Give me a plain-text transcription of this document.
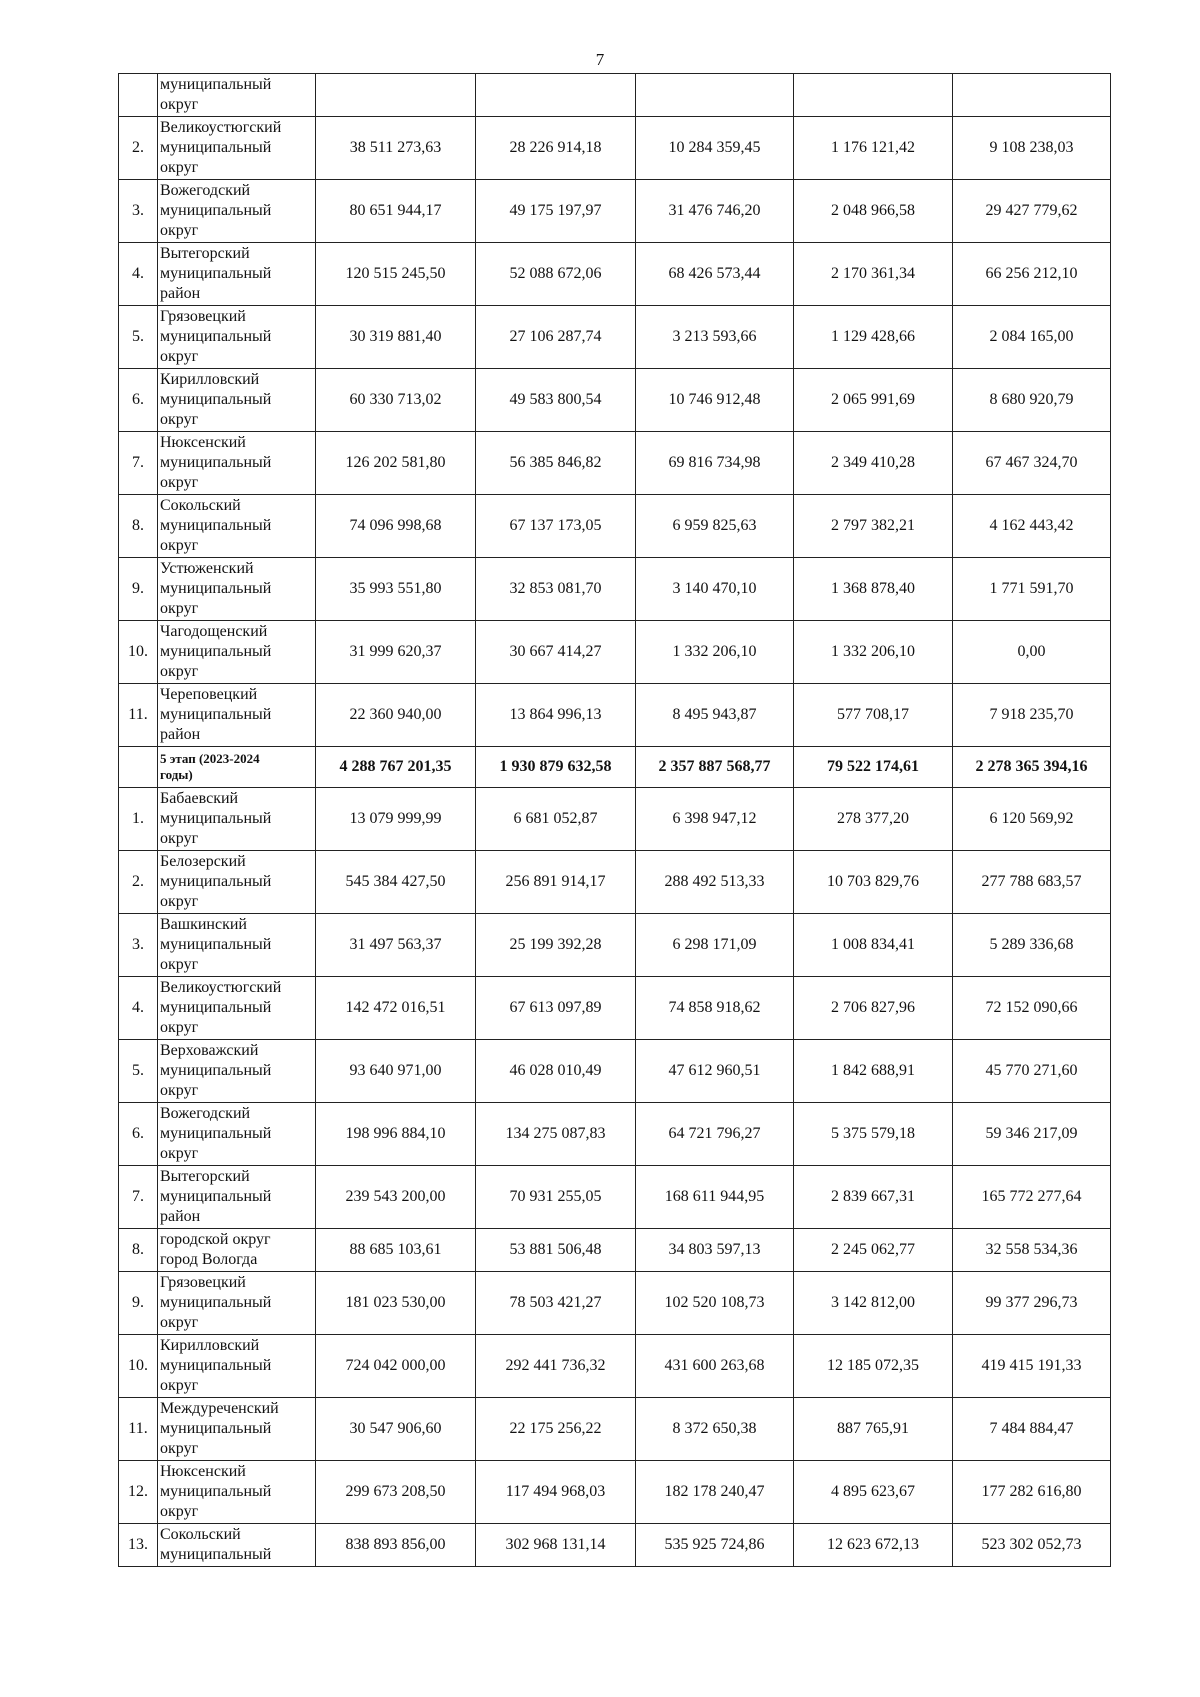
7
	муниципальный
округ					
2.	Великоустюгский
муниципальный
округ	38 511 273,63	28 226 914,18	10 284 359,45	1 176 121,42	9 108 238,03
3.	Вожегодский
муниципальный
округ	80 651 944,17	49 175 197,97	31 476 746,20	2 048 966,58	29 427 779,62
4.	Вытегорский
муниципальный
район	120 515 245,50	52 088 672,06	68 426 573,44	2 170 361,34	66 256 212,10
5.	Грязовецкий
муниципальный
округ	30 319 881,40	27 106 287,74	3 213 593,66	1 129 428,66	2 084 165,00
6.	Кирилловский
муниципальный
округ	60 330 713,02	49 583 800,54	10 746 912,48	2 065 991,69	8 680 920,79
7.	Нюксенский
муниципальный
округ	126 202 581,80	56 385 846,82	69 816 734,98	2 349 410,28	67 467 324,70
8.	Сокольский
муниципальный
округ	74 096 998,68	67 137 173,05	6 959 825,63	2 797 382,21	4 162 443,42
9.	Устюженский
муниципальный
округ	35 993 551,80	32 853 081,70	3 140 470,10	1 368 878,40	1 771 591,70
10.	Чагодощенский
муниципальный
округ	31 999 620,37	30 667 414,27	1 332 206,10	1 332 206,10	0,00
11.	Череповецкий
муниципальный
район	22 360 940,00	13 864 996,13	8 495 943,87	577 708,17	7 918 235,70
	5 этап (2023-2024
годы)	4 288 767 201,35	1 930 879 632,58	2 357 887 568,77	79 522 174,61	2 278 365 394,16
1.	Бабаевский
муниципальный
округ	13 079 999,99	6 681 052,87	6 398 947,12	278 377,20	6 120 569,92
2.	Белозерский
муниципальный
округ	545 384 427,50	256 891 914,17	288 492 513,33	10 703 829,76	277 788 683,57
3.	Вашкинский
муниципальный
округ	31 497 563,37	25 199 392,28	6 298 171,09	1 008 834,41	5 289 336,68
4.	Великоустюгский
муниципальный
округ	142 472 016,51	67 613 097,89	74 858 918,62	2 706 827,96	72 152 090,66
5.	Верховажский
муниципальный
округ	93 640 971,00	46 028 010,49	47 612 960,51	1 842 688,91	45 770 271,60
6.	Вожегодский
муниципальный
округ	198 996 884,10	134 275 087,83	64 721 796,27	5 375 579,18	59 346 217,09
7.	Вытегорский
муниципальный
район	239 543 200,00	70 931 255,05	168 611 944,95	2 839 667,31	165 772 277,64
8.	городской округ
город Вологда	88 685 103,61	53 881 506,48	34 803 597,13	2 245 062,77	32 558 534,36
9.	Грязовецкий
муниципальный
округ	181 023 530,00	78 503 421,27	102 520 108,73	3 142 812,00	99 377 296,73
10.	Кирилловский
муниципальный
округ	724 042 000,00	292 441 736,32	431 600 263,68	12 185 072,35	419 415 191,33
11.	Междуреченский
муниципальный
округ	30 547 906,60	22 175 256,22	8 372 650,38	887 765,91	7 484 884,47
12.	Нюксенский
муниципальный
округ	299 673 208,50	117 494 968,03	182 178 240,47	4 895 623,67	177 282 616,80
13.	Сокольский
муниципальный	838 893 856,00	302 968 131,14	535 925 724,86	12 623 672,13	523 302 052,73
